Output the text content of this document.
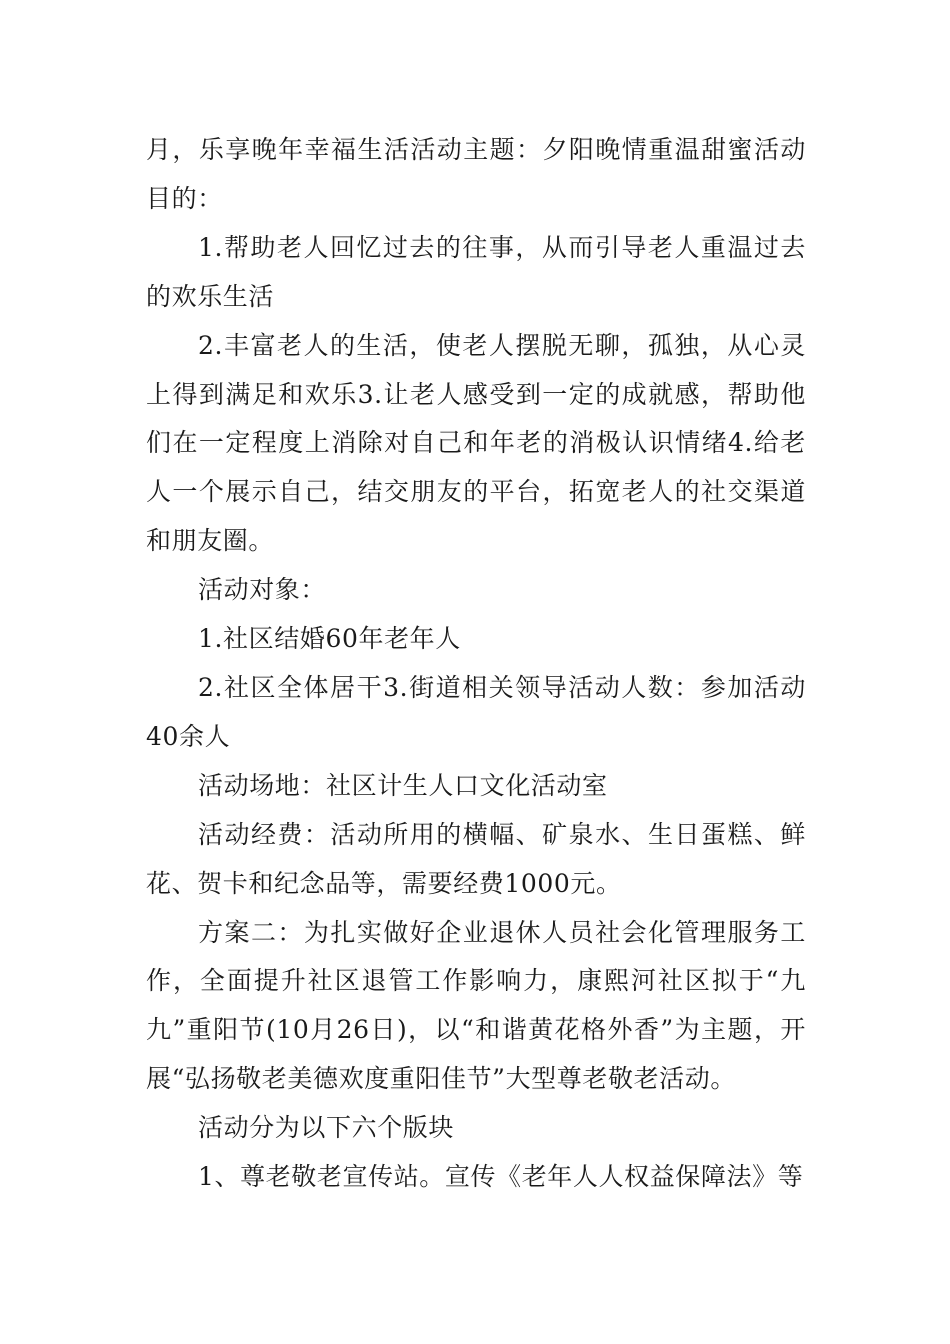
月，乐享晚年幸福生活活动主题：夕阳晚情重温甜蜜活动目的：

1.帮助老人回忆过去的往事，从而引导老人重温过去的欢乐生活

2.丰富老人的生活，使老人摆脱无聊，孤独，从心灵上得到满足和欢乐3.让老人感受到一定的成就感，帮助他们在一定程度上消除对自己和年老的消极认识情绪4.给老人一个展示自己，结交朋友的平台，拓宽老人的社交渠道和朋友圈。

活动对象：

1.社区结婚60年老年人

2.社区全体居干3.街道相关领导活动人数：参加活动40余人

活动场地：社区计生人口文化活动室

活动经费：活动所用的横幅、矿泉水、生日蛋糕、鲜花、贺卡和纪念品等，需要经费1000元。

方案二：为扎实做好企业退休人员社会化管理服务工作，全面提升社区退管工作影响力，康熙河社区拟于“九九”重阳节(10月26日)，以“和谐黄花格外香”为主题，开展“弘扬敬老美德欢度重阳佳节”大型尊老敬老活动。

活动分为以下六个版块

1、尊老敬老宣传站。宣传《老年人人权益保障法》等
